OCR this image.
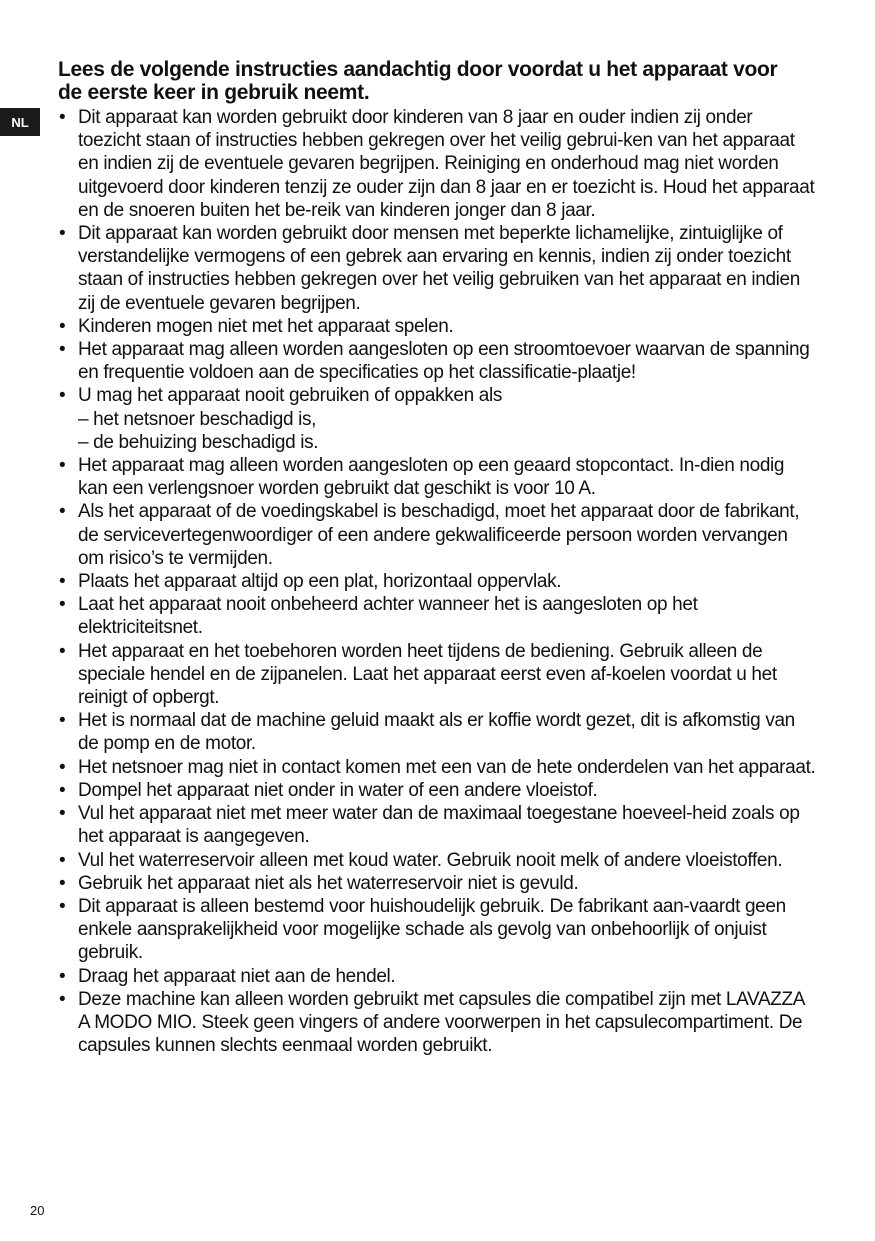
NL
Lees de volgende instructies aandachtig door voordat u het apparaat voor
de eerste keer in gebruik neemt.
• Dit apparaat kan worden gebruikt door kinderen van 8 jaar en ouder indien zij onder toezicht staan of instructies hebben gekregen over het veilig gebrui-ken van het apparaat en indien zij de eventuele gevaren begrijpen. Reiniging en onderhoud mag niet worden uitgevoerd door kinderen tenzij ze ouder zijn dan 8 jaar en er toezicht is. Houd het apparaat en de snoeren buiten het be-reik van kinderen jonger dan 8 jaar.
• Dit apparaat kan worden gebruikt door mensen met beperkte lichamelijke, zintuiglijke of verstandelijke vermogens of een gebrek aan ervaring en kennis, indien zij onder toezicht staan of instructies hebben gekregen over het veilig gebruiken van het apparaat en indien zij de eventuele gevaren begrijpen.
• Kinderen mogen niet met het apparaat spelen.
• Het apparaat mag alleen worden aangesloten op een stroomtoevoer waarvan de spanning en frequentie voldoen aan de specificaties op het classificatie-plaatje!
• U mag het apparaat nooit gebruiken of oppakken als
– het netsnoer beschadigd is,
– de behuizing beschadigd is.
• Het apparaat mag alleen worden aangesloten op een geaard stopcontact. In-dien nodig kan een verlengsnoer worden gebruikt dat geschikt is voor 10 A.
• Als het apparaat of de voedingskabel is beschadigd, moet het apparaat door de fabrikant, de servicevertegenwoordiger of een andere gekwalificeerde persoon worden vervangen om risico’s te vermijden.
• Plaats het apparaat altijd op een plat, horizontaal oppervlak.
• Laat het apparaat nooit onbeheerd achter wanneer het is aangesloten op het elektriciteitsnet.
• Het apparaat en het toebehoren worden heet tijdens de bediening. Gebruik alleen de speciale hendel en de zijpanelen. Laat het apparaat eerst even af-koelen voordat u het reinigt of opbergt.
• Het is normaal dat de machine geluid maakt als er koffie wordt gezet, dit is afkomstig van de pomp en de motor.
• Het netsnoer mag niet in contact komen met een van de hete onderdelen van het apparaat.
• Dompel het apparaat niet onder in water of een andere vloeistof.
• Vul het apparaat niet met meer water dan de maximaal toegestane hoeveel-heid zoals op het apparaat is aangegeven.
• Vul het waterreservoir alleen met koud water. Gebruik nooit melk of andere vloeistoffen.
• Gebruik het apparaat niet als het waterreservoir niet is gevuld.
• Dit apparaat is alleen bestemd voor huishoudelijk gebruik. De fabrikant aan-vaardt geen enkele aansprakelijkheid voor mogelijke schade als gevolg van onbehoorlijk of onjuist gebruik.
• Draag het apparaat niet aan de hendel.
• Deze machine kan alleen worden gebruikt met capsules die compatibel zijn met LAVAZZA A MODO MIO. Steek geen vingers of andere voorwerpen in het capsulecompartiment. De capsules kunnen slechts eenmaal worden gebruikt.
20
